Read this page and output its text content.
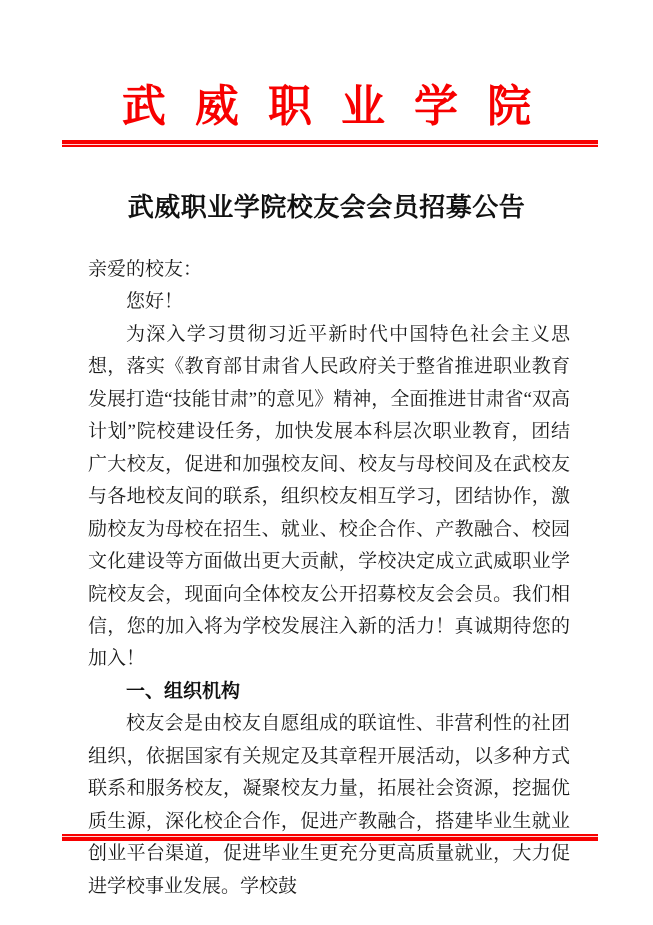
武威职业学院
武威职业学院校友会会员招募公告

亲爱的校友：

您好！

为深入学习贯彻习近平新时代中国特色社会主义思想，落实《教育部甘肃省人民政府关于整省推进职业教育发展打造“技能甘肃”的意见》精神，全面推进甘肃省“双高计划”院校建设任务，加快发展本科层次职业教育，团结广大校友，促进和加强校友间、校友与母校间及在武校友与各地校友间的联系，组织校友相互学习，团结协作，激励校友为母校在招生、就业、校企合作、产教融合、校园文化建设等方面做出更大贡献，学校决定成立武威职业学院校友会，现面向全体校友公开招募校友会会员。我们相信，您的加入将为学校发展注入新的活力！真诚期待您的加入！

一、组织机构

校友会是由校友自愿组成的联谊性、非营利性的社团组织，依据国家有关规定及其章程开展活动，以多种方式联系和服务校友，凝聚校友力量，拓展社会资源，挖掘优质生源，深化校企合作，促进产教融合，搭建毕业生就业创业平台渠道，促进毕业生更充分更高质量就业，大力促进学校事业发展。学校鼓
